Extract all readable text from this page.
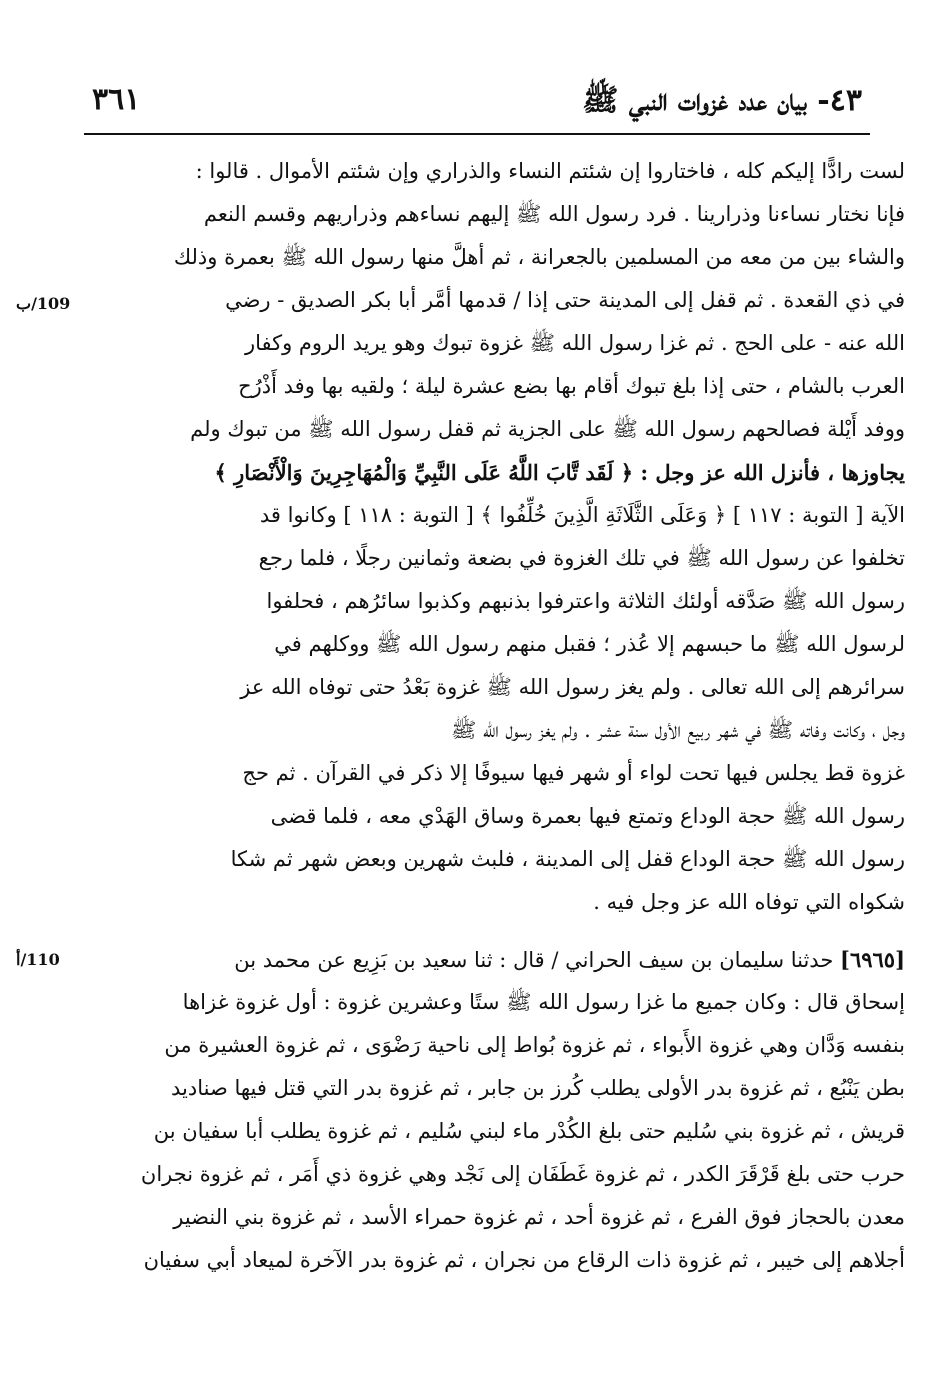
٤٣- بيان عدد غزوات النبي ﷺ
٣٦١
109/ب
110/أ
لست رادًّا إليكم كله ، فاختاروا إن شئتم النساء والذراري وإن شئتم الأموال . قالوا :
فإنا نختار نساءنا وذرارينا . فرد رسول الله ﷺ إليهم نساءهم وذراريهم وقسم النعم
والشاء بين من معه من المسلمين بالجعرانة ، ثم أهلَّ منها رسول الله ﷺ بعمرة وذلك
في ذي القعدة . ثم قفل إلى المدينة حتى إذا / قدمها أمَّر أبا بكر الصديق - رضي
الله عنه - على الحج . ثم غزا رسول الله ﷺ غزوة تبوك وهو يريد الروم وكفار
العرب بالشام ، حتى إذا بلغ تبوك أقام بها بضع عشرة ليلة ؛ ولقيه بها وفد أَذْرُح
ووفد أَيْلة فصالحهم رسول الله ﷺ على الجزية ثم قفل رسول الله ﷺ من تبوك ولم
يجاوزها ، فأنزل الله عز وجل : ﴿ لَقَد تَّابَ اللَّهُ عَلَى النَّبِيِّ وَالْمُهَاجِرِينَ وَالْأَنْصَارِ ﴾
الآية [ التوبة : ١١٧ ] ﴿ وَعَلَى الثَّلَاثَةِ الَّذِينَ خُلِّفُوا ﴾ [ التوبة : ١١٨ ] وكانوا قد
تخلفوا عن رسول الله ﷺ في تلك الغزوة في بضعة وثمانين رجلًا ، فلما رجع
رسول الله ﷺ صَدَّقه أولئك الثلاثة واعترفوا بذنبهم وكذبوا سائرُهم ، فحلفوا
لرسول الله ﷺ ما حبسهم إلا عُذر ؛ فقبل منهم رسول الله ﷺ ووكلهم في
سرائرهم إلى الله تعالى . ولم يغز رسول الله ﷺ غزوة بَعْدُ حتى توفاه الله عز
وجل ، وكانت وفاته ﷺ في شهر ربيع الأول سنة عشر . ولم يغز رسول الله ﷺ
غزوة قط يجلس فيها تحت لواء أو شهر فيها سيوفًا إلا ذكر في القرآن . ثم حج
رسول الله ﷺ حجة الوداع وتمتع فيها بعمرة وساق الهَدْي معه ، فلما قضى
رسول الله ﷺ حجة الوداع قفل إلى المدينة ، فلبث شهرين وبعض شهر ثم شكا
شكواه التي توفاه الله عز وجل فيه .
[٦٩٦٥] حدثنا سليمان بن سيف الحراني / قال : ثنا سعيد بن بَزِيع عن محمد بن
إسحاق قال : وكان جميع ما غزا رسول الله ﷺ ستًا وعشرين غزوة : أول غزوة غزاها
بنفسه وَدَّان وهي غزوة الأَبواء ، ثم غزوة بُواط إلى ناحية رَضْوَى ، ثم غزوة العشيرة من
بطن يَنْبُع ، ثم غزوة بدر الأولى يطلب كُرز بن جابر ، ثم غزوة بدر التي قتل فيها صناديد
قريش ، ثم غزوة بني سُليم حتى بلغ الكُدْر ماء لبني سُليم ، ثم غزوة يطلب أبا سفيان بن
حرب حتى بلغ قَرْقَرَ الكدر ، ثم غزوة غَطَفَان إلى نَجْد وهي غزوة ذي أَمَر ، ثم غزوة نجران
معدن بالحجاز فوق الفرع ، ثم غزوة أحد ، ثم غزوة حمراء الأسد ، ثم غزوة بني النضير
أجلاهم إلى خيبر ، ثم غزوة ذات الرقاع من نجران ، ثم غزوة بدر الآخرة لميعاد أبي سفيان
